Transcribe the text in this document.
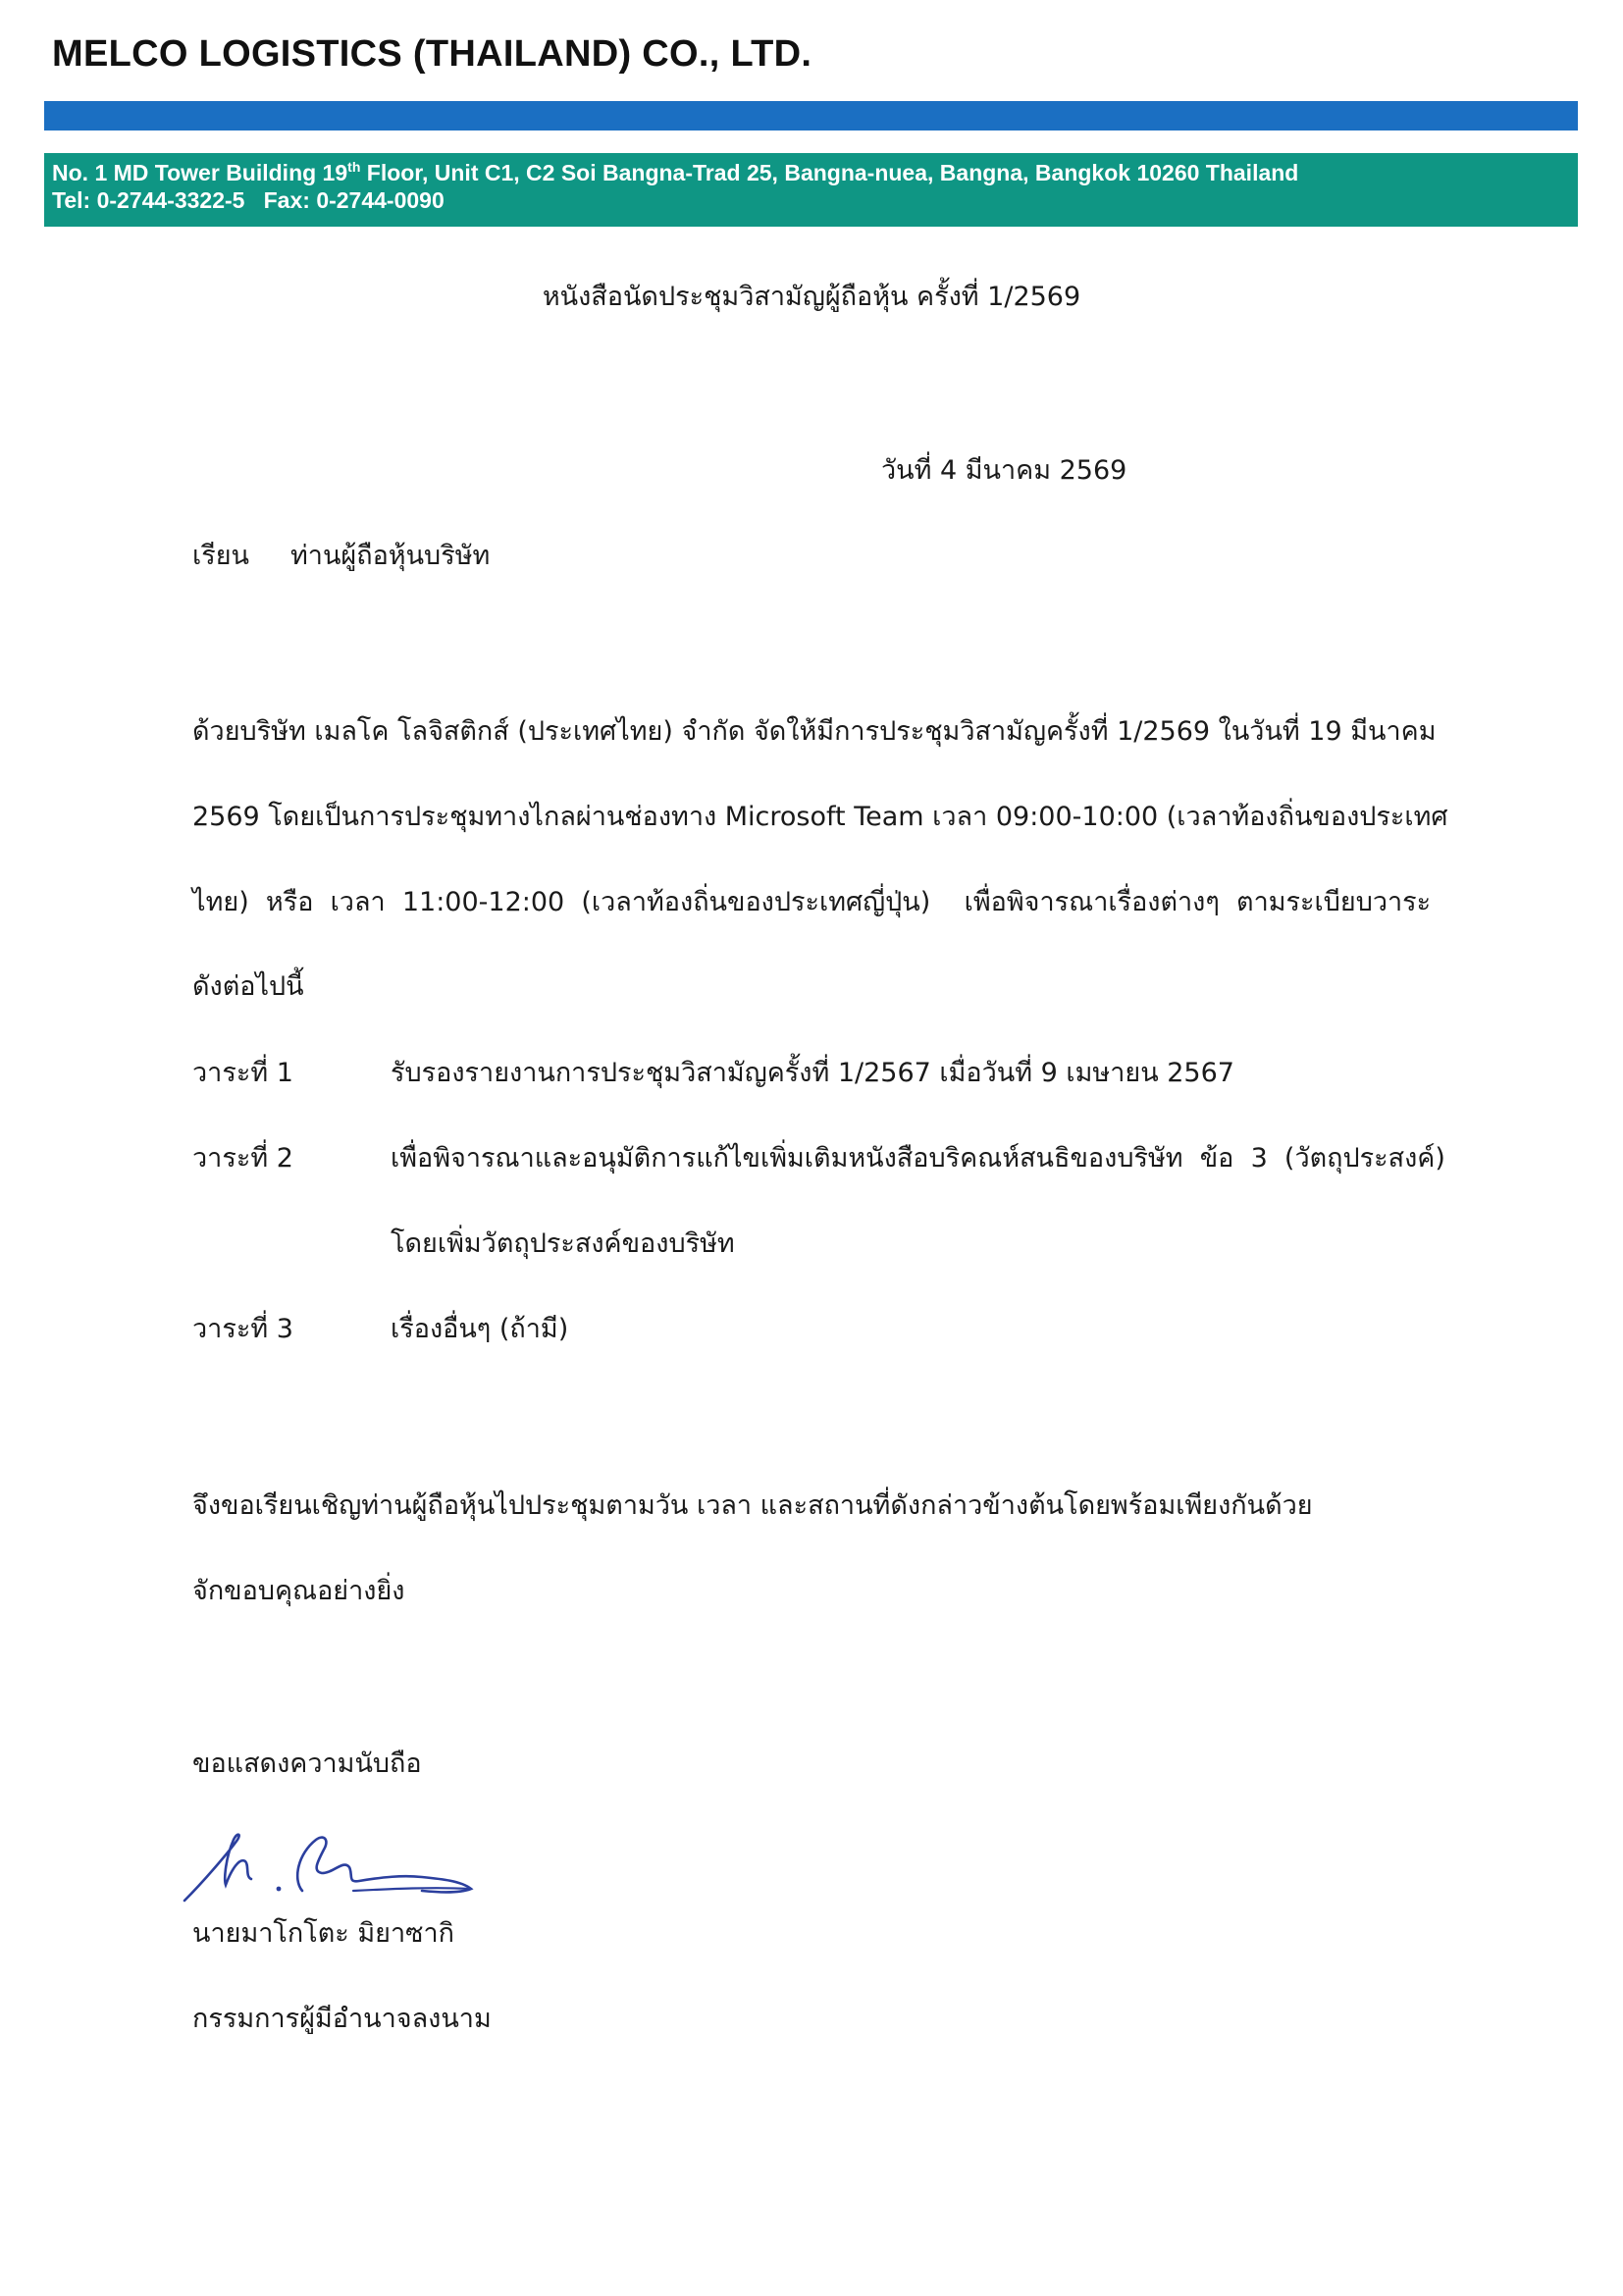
MELCO LOGISTICS (THAILAND) CO., LTD.
No. 1 MD Tower Building 19th Floor, Unit C1, C2 Soi Bangna-Trad 25, Bangna-nuea, Bangna, Bangkok 10260 Thailand
Tel: 0-2744-3322-5   Fax: 0-2744-0090
หนังสือนัดประชุมวิสามัญผู้ถือหุ้น ครั้งที่ 1/2569
วันที่ 4 มีนาคม 2569
เรียน ท่านผู้ถือหุ้นบริษัท
ด้วยบริษัท เมลโค โลจิสติกส์ (ประเทศไทย) จำกัด จัดให้มีการประชุมวิสามัญครั้งที่ 1/2569 ในวันที่ 19 มีนาคม
2569 โดยเป็นการประชุมทางไกลผ่านช่องทาง Microsoft Team เวลา 09:00-10:00 (เวลาท้องถิ่นของประเทศ
ไทย)  หรือ  เวลา  11:00-12:00  (เวลาท้องถิ่นของประเทศญี่ปุ่น)    เพื่อพิจารณาเรื่องต่างๆ  ตามระเบียบวาระ
ดังต่อไปนี้
วาระที่ 1	รับรองรายงานการประชุมวิสามัญครั้งที่ 1/2567 เมื่อวันที่ 9 เมษายน 2567
วาระที่ 2	เพื่อพิจารณาและอนุมัติการแก้ไขเพิ่มเติมหนังสือบริคณห์สนธิของบริษัท  ข้อ  3  (วัตถุประสงค์)
โดยเพิ่มวัตถุประสงค์ของบริษัท
วาระที่ 3	เรื่องอื่นๆ (ถ้ามี)
จึงขอเรียนเชิญท่านผู้ถือหุ้นไปประชุมตามวัน เวลา และสถานที่ดังกล่าวข้างต้นโดยพร้อมเพียงกันด้วย
จักขอบคุณอย่างยิ่ง
ขอแสดงความนับถือ
นายมาโกโตะ มิยาซากิ
กรรมการผู้มีอำนาจลงนาม
